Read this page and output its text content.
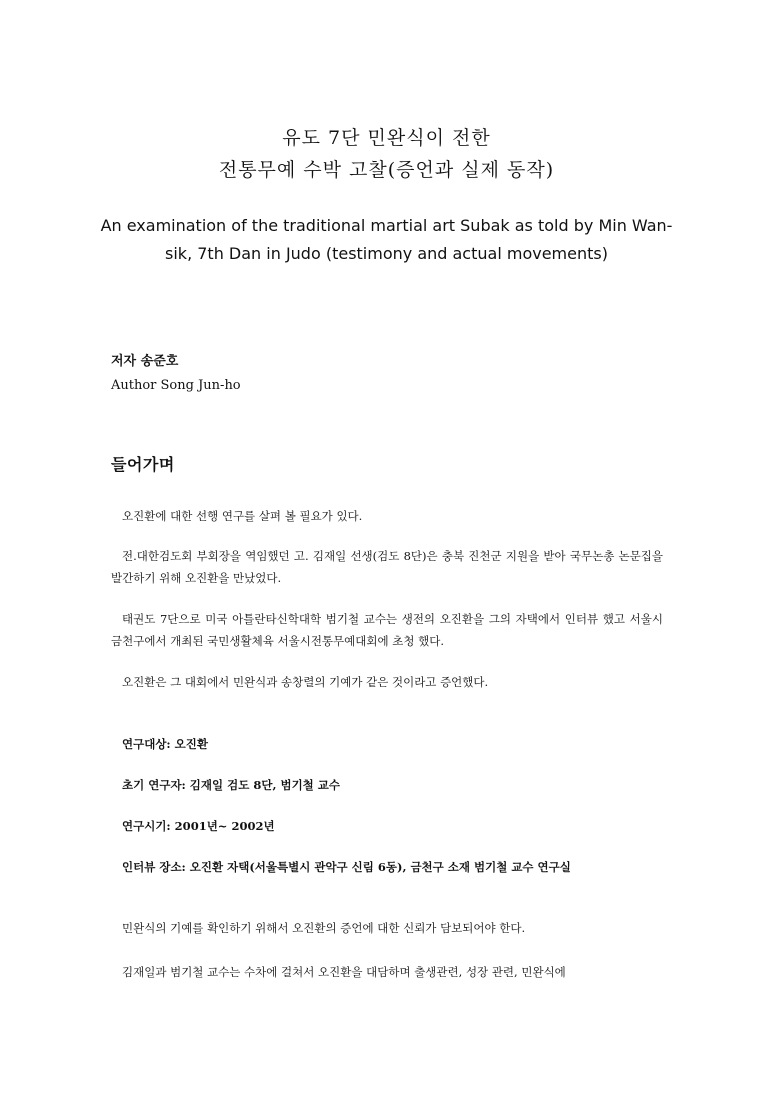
유도 7단 민완식이 전한
전통무예 수박 고찰(증언과 실제 동작)
An examination of the traditional martial art Subak as told by Min Wan-sik, 7th Dan in Judo (testimony and actual movements)
저자 송준호
Author Song Jun-ho
들어가며

오진환에 대한 선행 연구를 살펴 볼 필요가 있다.

전.대한검도회 부회장을 역임했던 고. 김재일 선생(검도 8단)은 충북 진천군 지원을 받아 국무논총 논문집을 발간하기 위해 오진환을 만났었다.

태권도 7단으로 미국 아틀란타신학대학 범기철 교수는 생전의 오진환을 그의 자택에서 인터뷰 했고 서울시 금천구에서 개최된 국민생활체육 서울시전통무예대회에 초청 했다.

오진환은 그 대회에서 민완식과 송창렬의 기예가 같은 것이라고 증언했다.

연구대상: 오진환

초기 연구자: 김재일 검도 8단, 범기철 교수

연구시기: 2001년~ 2002년

인터뷰 장소: 오진환 자택(서울특별시 관악구 신림 6동), 금천구 소재 범기철 교수 연구실

민완식의 기예를 확인하기 위해서 오진환의 증언에 대한 신뢰가 담보되어야 한다.

김재일과 범기철 교수는 수차에 걸쳐서 오진환을 대담하며 출생관련, 성장 관련, 민완식에
